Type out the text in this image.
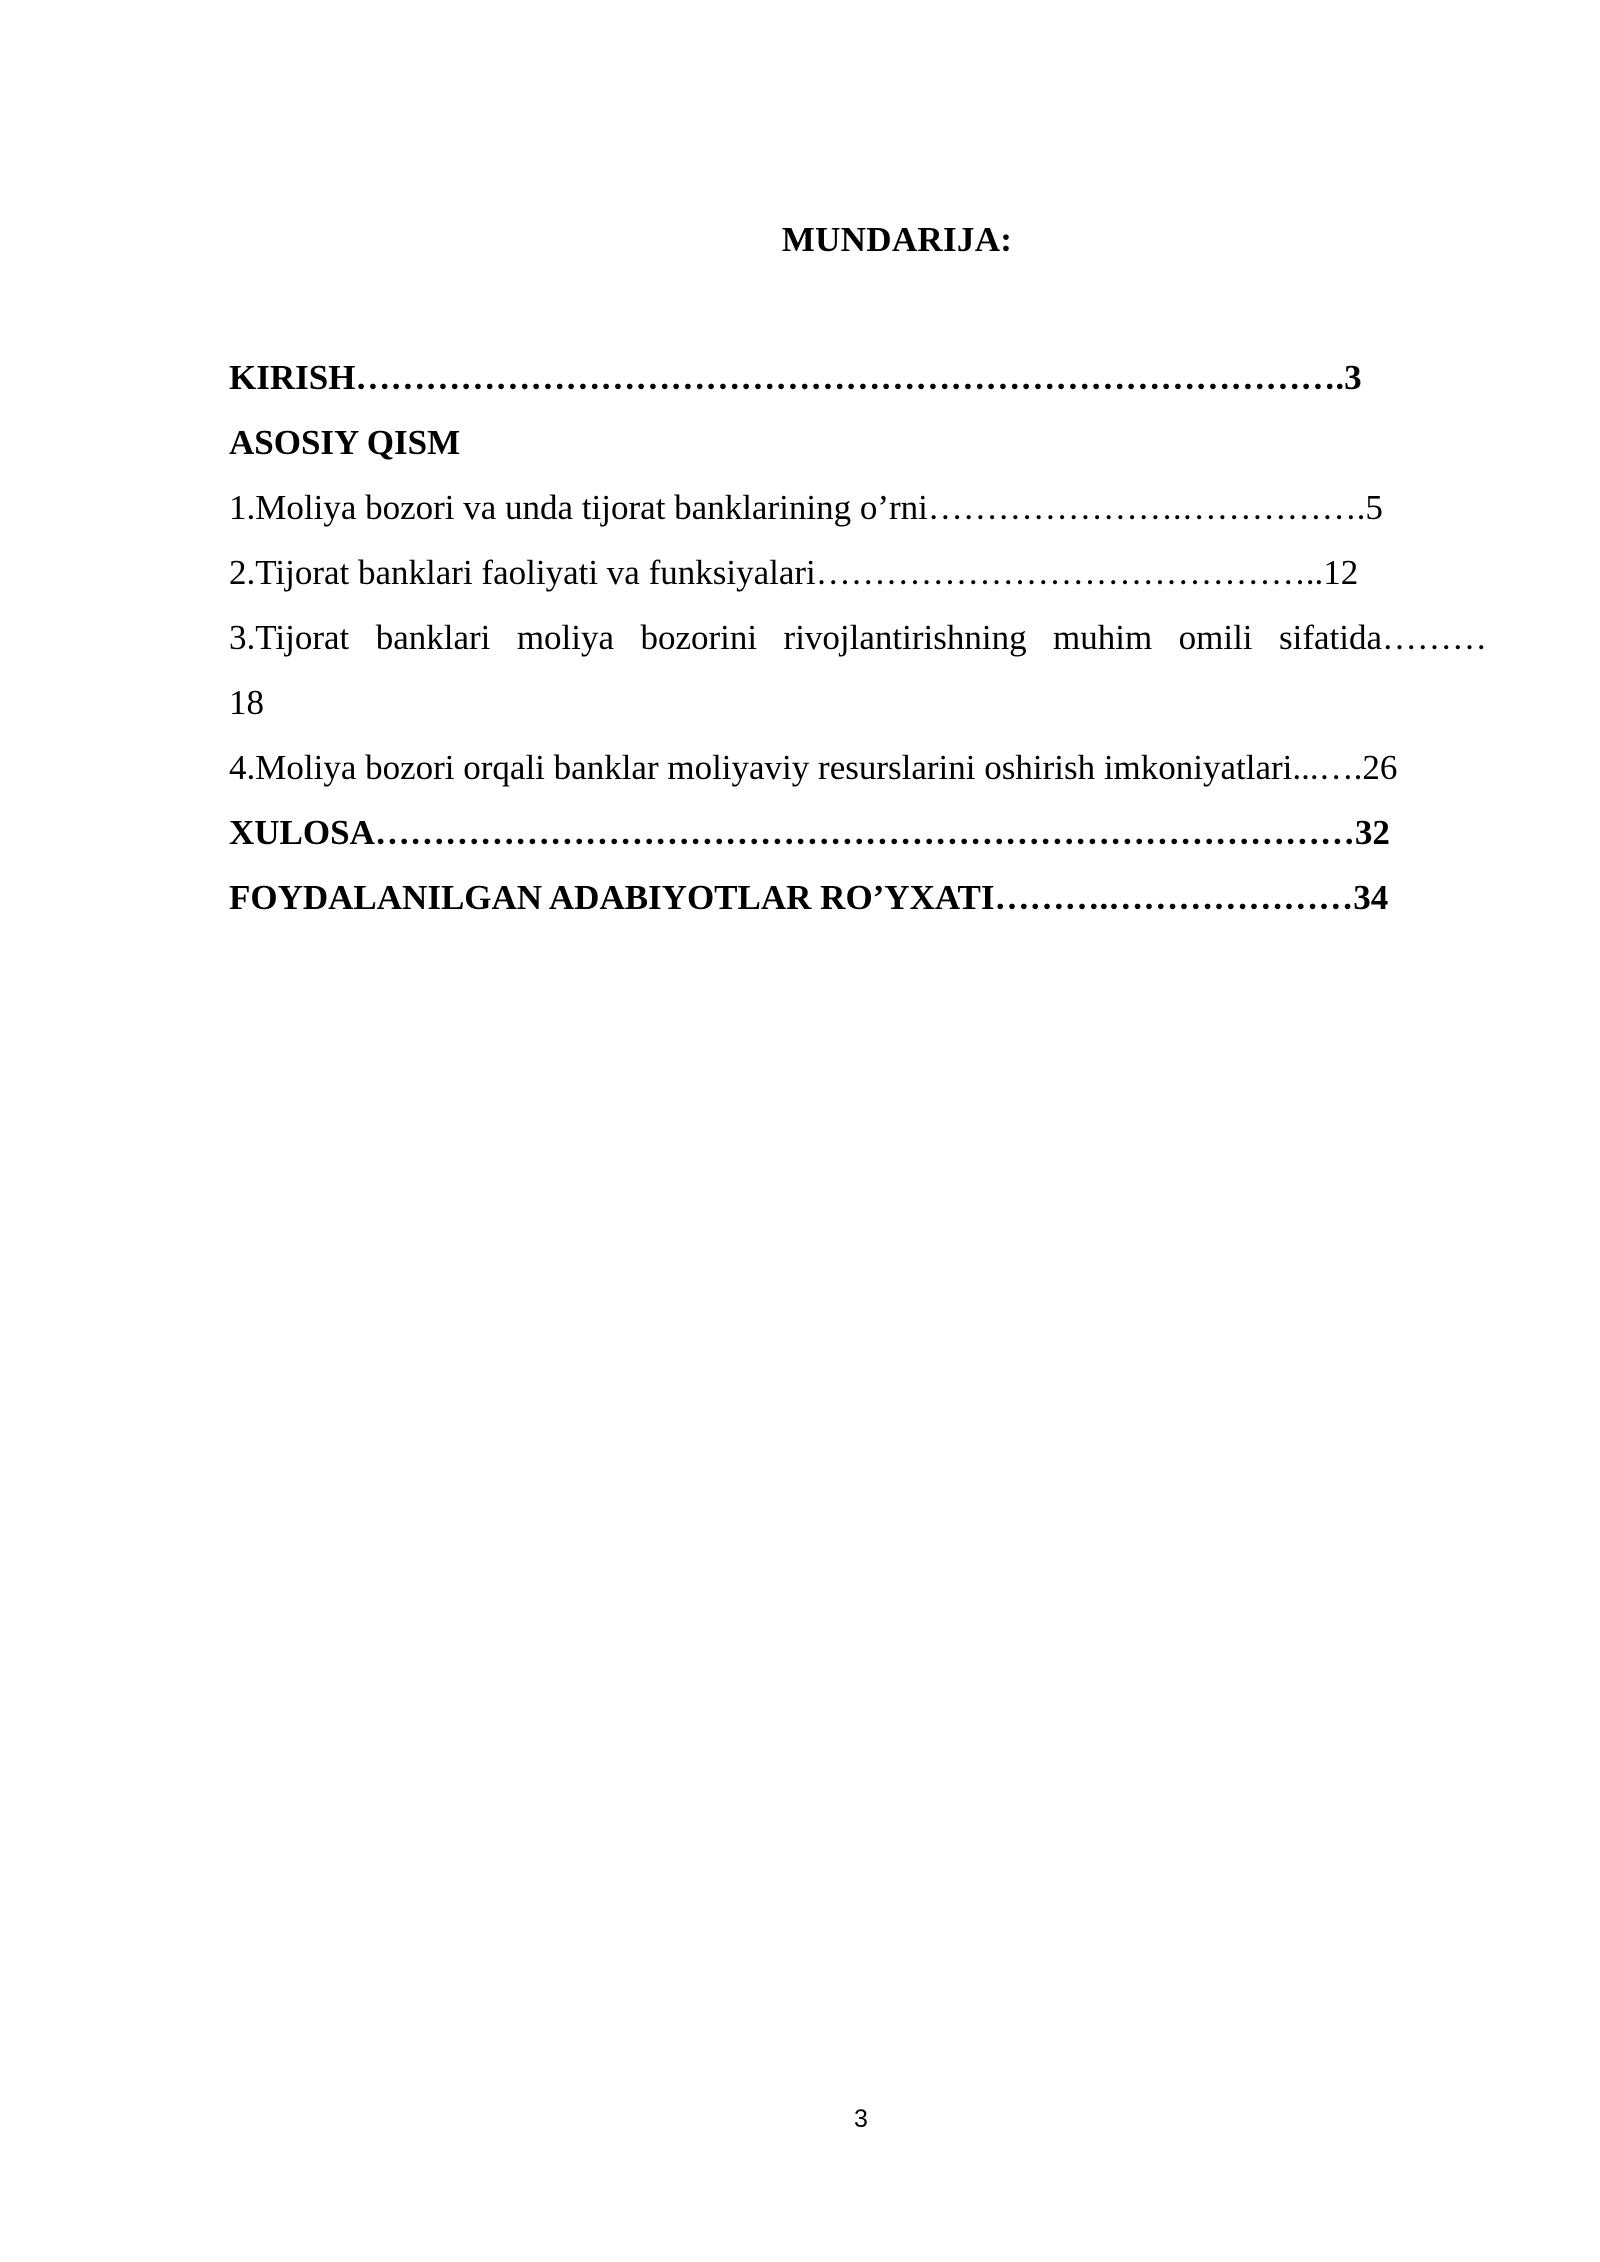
MUNDARIJA:
KIRISH………………………………………………………………………….3
ASOSIY QISM
1.Moliya bozori va unda tijorat banklarining o’rni………………….…………….5
2.Tijorat banklari faoliyati va funksiyalari……………………………………..12
3.Tijorat banklari moliya bozorini rivojlantirishning muhim omili sifatida………
18
4.Moliya bozori orqali banklar moliyaviy resurslarini oshirish imkoniyatlari...….26
XULOSA…………………………………………………………………………32
FOYDALANILGAN ADABIYOTLAR RO’YXATI……….…………………34
3
